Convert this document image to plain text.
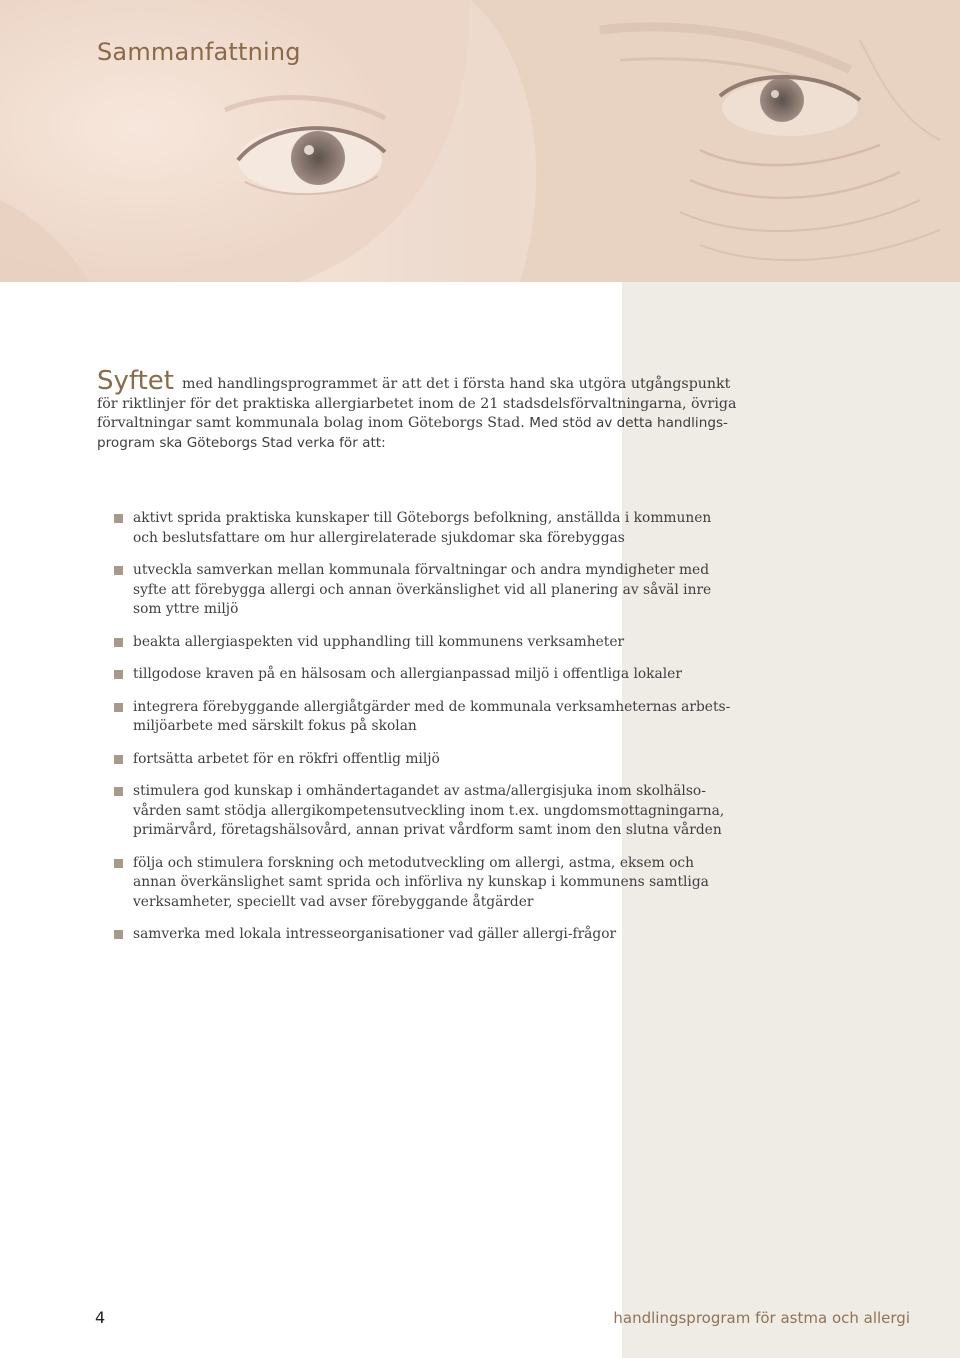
Sammanfattning

Syftet med handlingsprogrammet är att det i första hand ska utgöra utgångspunkt för riktlinjer för det praktiska allergiarbetet inom de 21 stadsdelsförvaltningarna, övriga förvaltningar samt kommunala bolag inom Göteborgs Stad. Med stöd av detta handlingsprogram ska Göteborgs Stad verka för att:

aktivt sprida praktiska kunskaper till Göteborgs befolkning, anställda i kommunen och beslutsfattare om hur allergirelaterade sjukdomar ska förebyggas
utveckla samverkan mellan kommunala förvaltningar och andra myndigheter med syfte att förebygga allergi och annan överkänslighet vid all planering av såväl inre som yttre miljö
beakta allergiaspekten vid upphandling till kommunens verksamheter
tillgodose kraven på en hälsosam och allergianpassad miljö i offentliga lokaler
integrera förebyggande allergiåtgärder med de kommunala verksamheternas arbetsmiljöarbete med särskilt fokus på skolan
fortsätta arbetet för en rökfri offentlig miljö
stimulera god kunskap i omhändertagandet av astma/allergisjuka inom skolhälsovården samt stödja allergikompetensutveckling inom t.ex. ungdomsmottagningarna, primärvård, företagshälsovård, annan privat vårdform samt inom den slutna vården
följa och stimulera forskning och metodutveckling om allergi, astma, eksem och annan överkänslighet samt sprida och införliva ny kunskap i kommunens samtliga verksamheter, speciellt vad avser förebyggande åtgärder
samverka med lokala intresseorganisationer vad gäller allergi-frågor
4	handlingsprogram för astma och allergi
